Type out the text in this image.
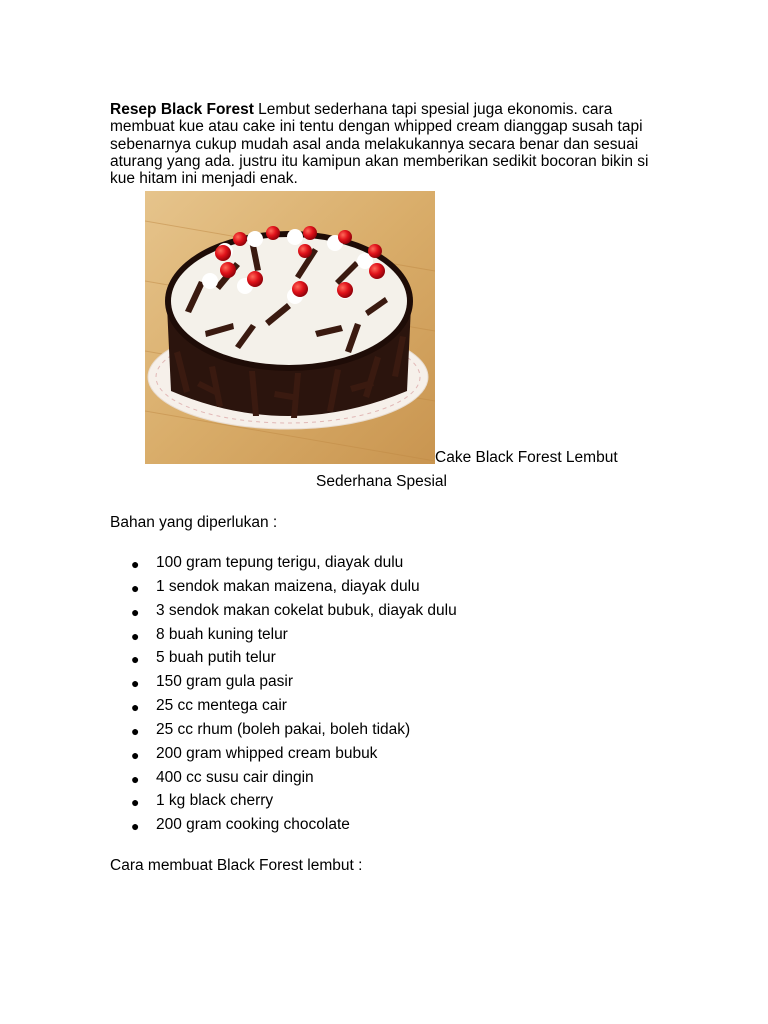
Resep Black Forest Lembut sederhana tapi spesial juga ekonomis. cara membuat kue atau cake ini tentu dengan whipped cream dianggap susah tapi sebenarnya cukup mudah asal anda melakukannya secara benar dan sesuai aturang yang ada. justru itu kamipun akan memberikan sedikit bocoran bikin si kue hitam ini menjadi enak.

Cake Black Forest Lembut
Sederhana Spesial
Bahan yang diperlukan :
● 100 gram tepung terigu, diayak dulu
● 1 sendok makan maizena, diayak dulu
● 3 sendok makan cokelat bubuk, diayak dulu
● 8 buah kuning telur
● 5 buah putih telur
● 150 gram gula pasir
● 25 cc mentega cair
● 25 cc rhum (boleh pakai, boleh tidak)
● 200 gram whipped cream bubuk
● 400 cc susu cair dingin
● 1 kg black cherry
● 200 gram cooking chocolate
Cara membuat Black Forest lembut :
